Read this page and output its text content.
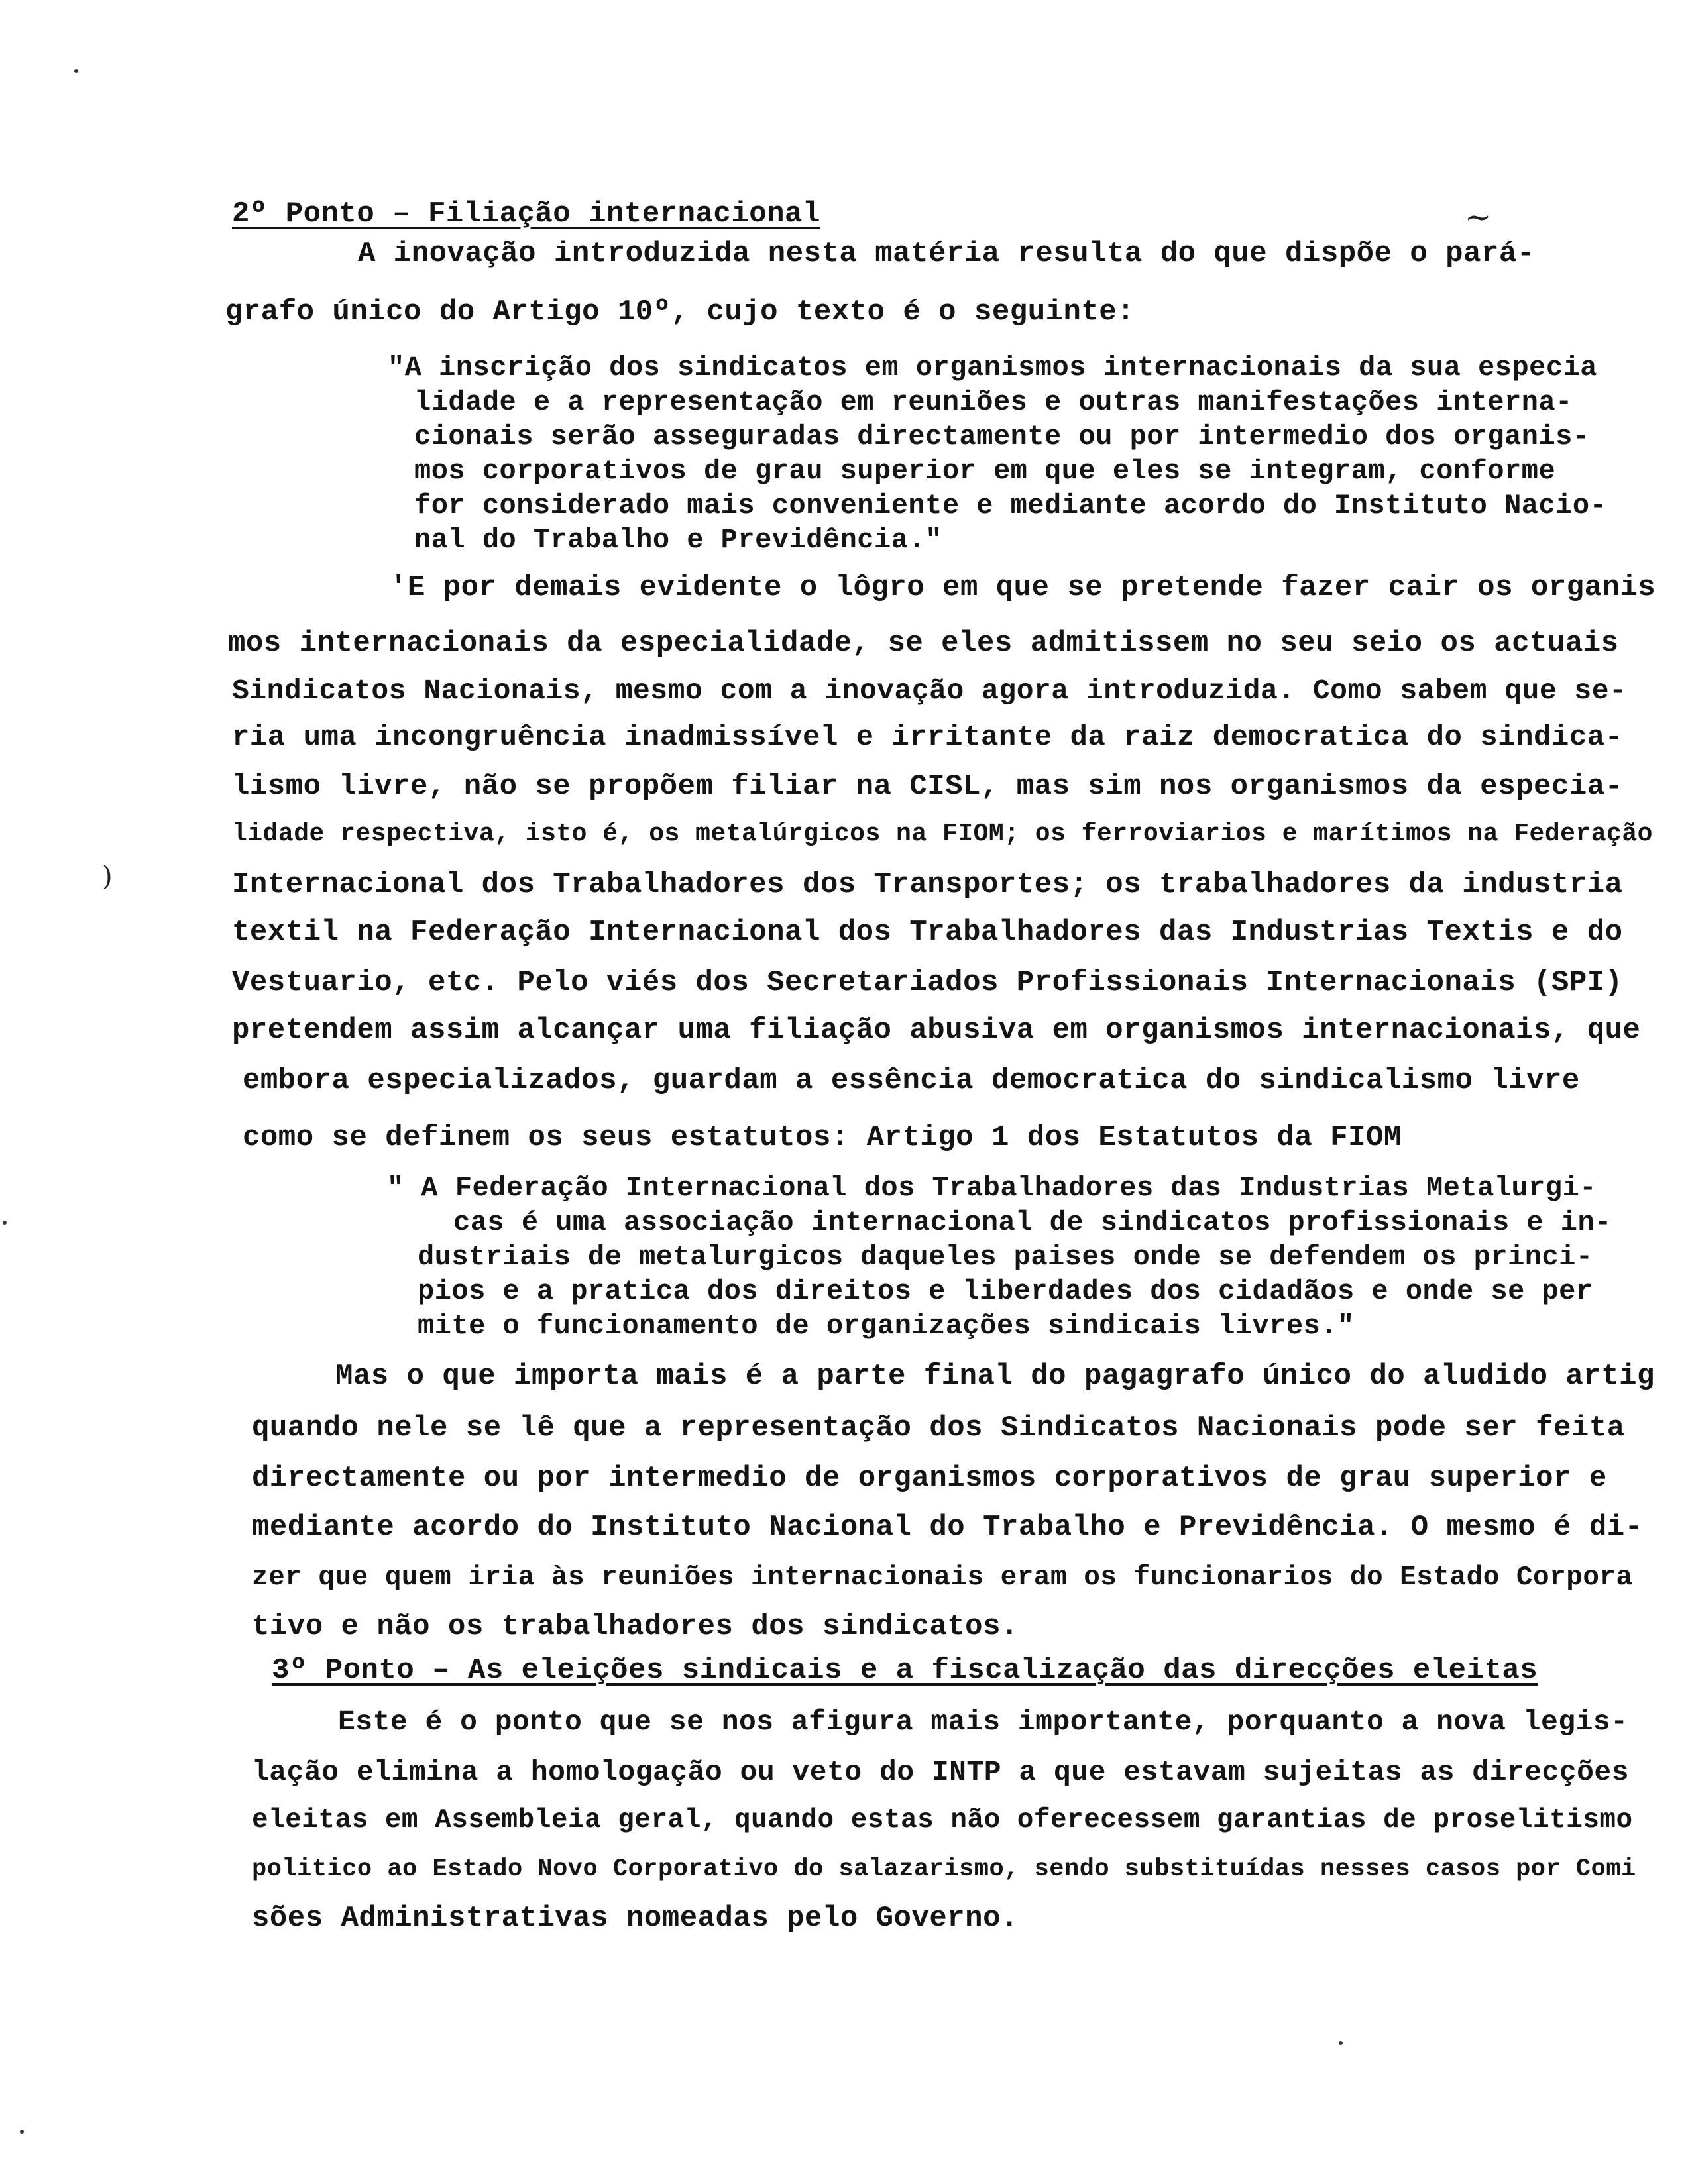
2º Ponto – Filiação internacional
A inovação introduzida nesta matéria resulta do que dispõe o pará-
grafo único do Artigo 10º, cujo texto é o seguinte:
"A inscrição dos sindicatos em organismos internacionais da sua especia
lidade e a representação em reuniões e outras manifestações interna-
cionais serão asseguradas directamente ou por intermedio dos organis-
mos corporativos de grau superior em que eles se integram, conforme
for considerado mais conveniente e mediante acordo do Instituto Nacio-
nal do Trabalho e Previdência."
'E por demais evidente o lôgro em que se pretende fazer cair os organis
mos internacionais da especialidade, se eles admitissem no seu seio os actuais
Sindicatos Nacionais, mesmo com a inovação agora introduzida. Como sabem que se-
ria uma incongruência inadmissível e irritante da raiz democratica do sindica-
lismo livre, não se propõem filiar na CISL, mas sim nos organismos da especia-
lidade respectiva, isto é, os metalúrgicos na FIOM; os ferroviarios e marítimos na Federação
Internacional dos Trabalhadores dos Transportes; os trabalhadores da industria
textil na Federação Internacional dos Trabalhadores das Industrias Textis e do
Vestuario, etc. Pelo viés dos Secretariados Profissionais Internacionais (SPI)
pretendem assim alcançar uma filiação abusiva em organismos internacionais, que
embora especializados, guardam a essência democratica do sindicalismo livre
como se definem os seus estatutos: Artigo 1 dos Estatutos da FIOM
" A Federação Internacional dos Trabalhadores das Industrias Metalurgi-
cas é uma associação internacional de sindicatos profissionais e in-
dustriais de metalurgicos daqueles paises onde se defendem os princi-
pios e a pratica dos direitos e liberdades dos cidadãos e onde se per
mite o funcionamento de organizações sindicais livres."
Mas o que importa mais é a parte final do pagagrafo único do aludido artig
quando nele se lê que a representação dos Sindicatos Nacionais pode ser feita
directamente ou por intermedio de organismos corporativos de grau superior e
mediante acordo do Instituto Nacional do Trabalho e Previdência. O mesmo é di-
zer que quem iria às reuniões internacionais eram os funcionarios do Estado Corpora
tivo e não os trabalhadores dos sindicatos.
3º Ponto – As eleições sindicais e a fiscalização das direcções eleitas
Este é o ponto que se nos afigura mais importante, porquanto a nova legis-
lação elimina a homologação ou veto do INTP a que estavam sujeitas as direcções
eleitas em Assembleia geral, quando estas não oferecessem garantias de proselitismo
politico ao Estado Novo Corporativo do salazarismo, sendo substituídas nesses casos por Comi
sões Administrativas nomeadas pelo Governo.
)
~
